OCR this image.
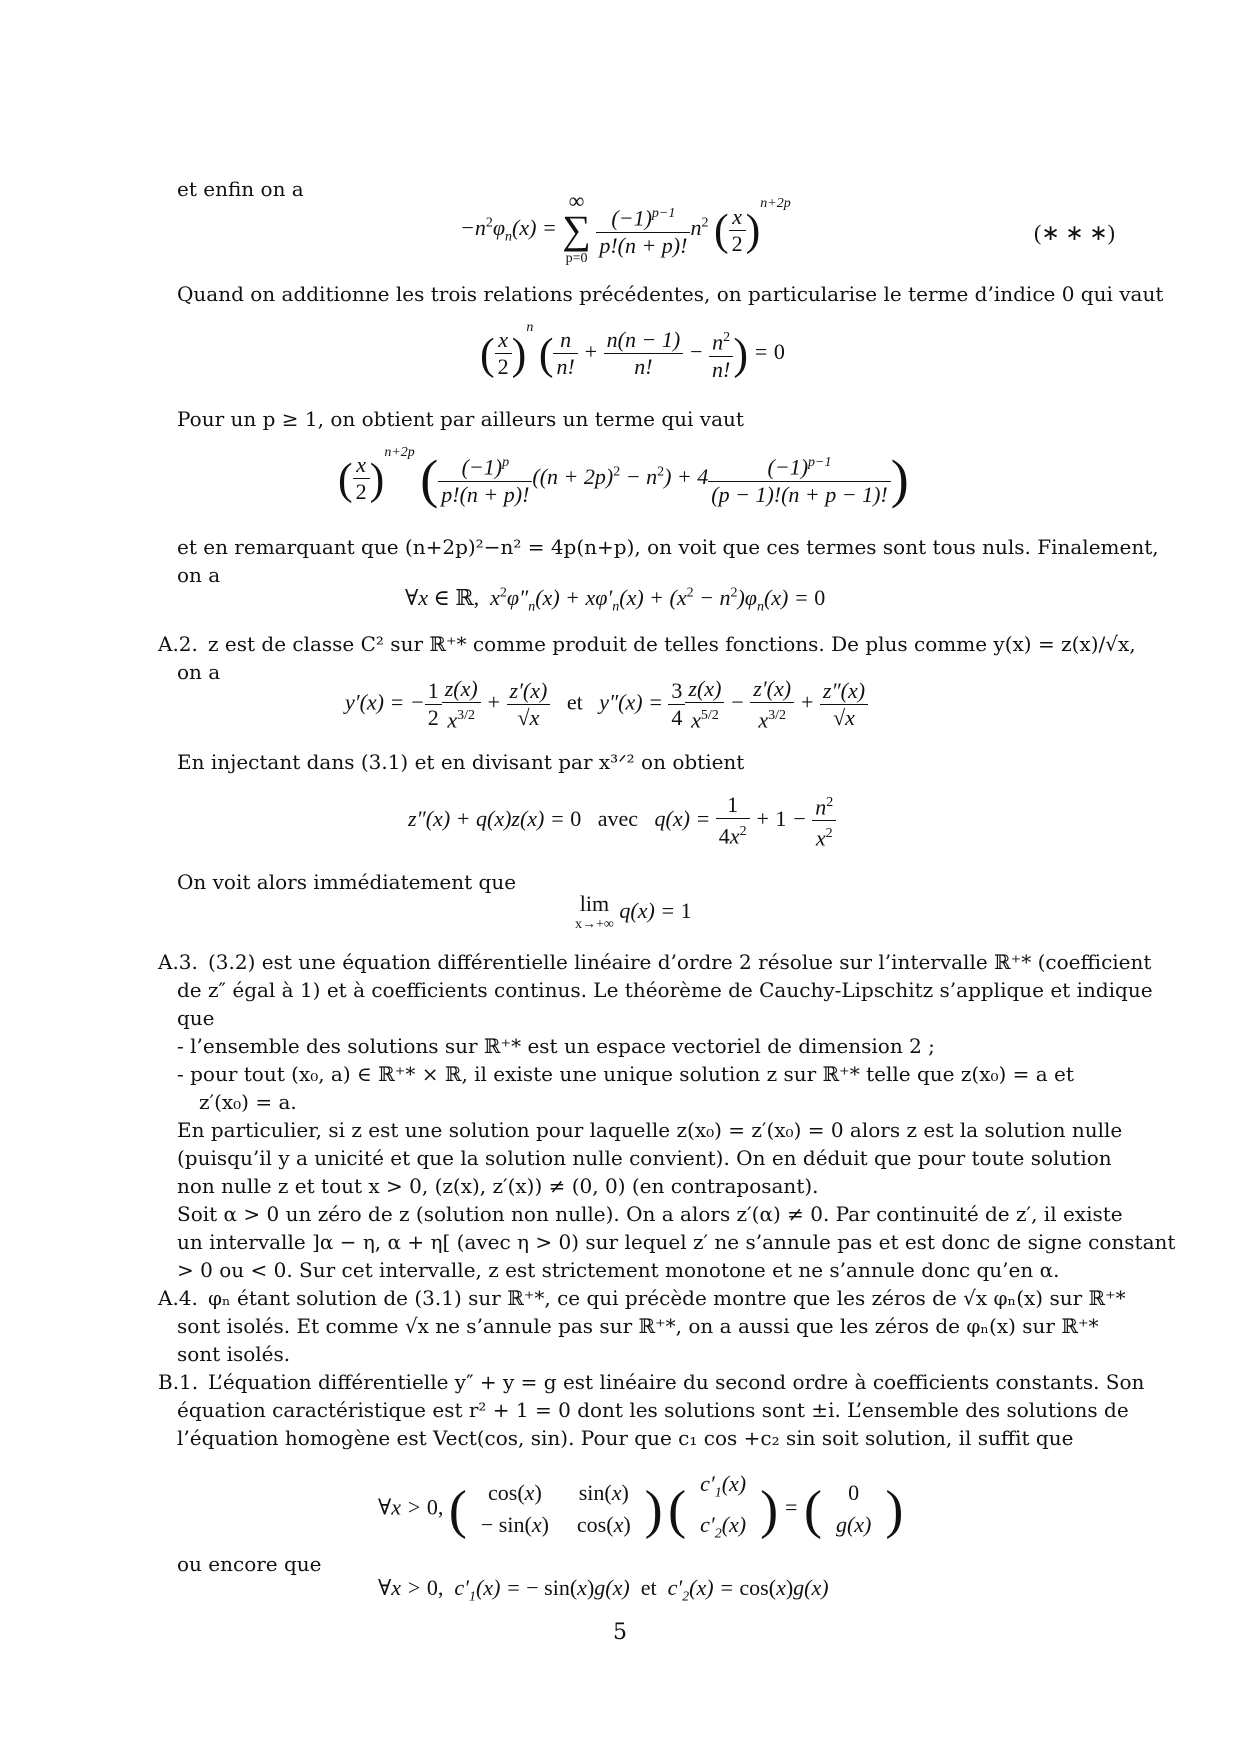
et enfin on a
$-n^2\varphi_n(x)$ =
∞
∑
p=0
$\frac{(-1)^{p-1}}{p!(n + p)!} n^2$ ( $\frac{x}{2} )^{n+2p}$
(∗ ∗ ∗)
Quand on additionne les trois relations précédentes, on particularise le terme d’indice 0 qui vaut
( $\frac{x}{2} )^n$ ( $\frac{n}{n!} + \frac{n(n - 1)}{n!} - \frac{n^2}{n!}$ ) = 0
Pour un p ≥ 1, on obtient par ailleurs un terme qui vaut
( $\frac{x}{2} )^{n+2p}$ ( $\frac{(-1)^p}{p!(n + p)!} ((n + 2p)^2 - n^2) + 4 \frac{(-1)^{p-1}}{(p - 1)!(n + p - 1)!}$ )
et en remarquant que (n+2p)²−n² = 4p(n+p), on voit que ces termes sont tous nuls. Finalement,
on a
∀x ∈ ℝ,  $x^2\varphi''_n(x) + x\varphi'_n(x) + (x^2 - n^2)\varphi_n(x) = 0$
A.2. z est de classe C² sur ℝ⁺* comme produit de telles fonctions. De plus comme y(x) = z(x)/√x,
on a
y′(x) = − $\frac{1}{2} \frac{z(x)}{x^{3/2}} + \frac{z'(x)}{√x}$ et   $y''(x) = \frac{3}{4} \frac{z(x)}{x^{5/2}} - \frac{z'(x)}{x^{3/2}} + \frac{z''(x)}{√x}$
En injectant dans (3.1) et en divisant par x³ᐟ² on obtient
z″(x) + q(x)z(x) = 0 avec   $q(x) = \frac{1}{4x^2} + 1 - \frac{n^2}{x^2}$
On voit alors immédiatement que
lim
x→+∞
q(x) = 1
A.3. (3.2) est une équation différentielle linéaire d’ordre 2 résolue sur l’intervalle ℝ⁺* (coefficient
de z″ égal à 1) et à coefficients continus. Le théorème de Cauchy-Lipschitz s’applique et indique
que
- l’ensemble des solutions sur ℝ⁺* est un espace vectoriel de dimension 2 ;
- pour tout (x₀, a) ∈ ℝ⁺* × ℝ, il existe une unique solution z sur ℝ⁺* telle que z(x₀) = a et
z′(x₀) = a.
En particulier, si z est une solution pour laquelle z(x₀) = z′(x₀) = 0 alors z est la solution nulle
(puisqu’il y a unicité et que la solution nulle convient). On en déduit que pour toute solution
non nulle z et tout x > 0, (z(x), z′(x)) ≠ (0, 0) (en contraposant).
Soit α > 0 un zéro de z (solution non nulle). On a alors z′(α) ≠ 0. Par continuité de z′, il existe
un intervalle ]α − η, α + η[ (avec η > 0) sur lequel z′ ne s’annule pas et est donc de signe constant
> 0 ou < 0. Sur cet intervalle, z est strictement monotone et ne s’annule donc qu’en α.
A.4. φₙ étant solution de (3.1) sur ℝ⁺*, ce qui précède montre que les zéros de √x φₙ(x) sur ℝ⁺*
sont isolés. Et comme √x ne s’annule pas sur ℝ⁺*, on a aussi que les zéros de φₙ(x) sur ℝ⁺*
sont isolés.
B.1. L’équation différentielle y″ + y = g est linéaire du second ordre à coefficients constants. Son
équation caractéristique est r² + 1 = 0 dont les solutions sont ±i. L’ensemble des solutions de
l’équation homogène est Vect(cos, sin). Pour que c₁ cos +c₂ sin soit solution, il suffit que
∀x > 0, ( cos(x)	sin(x)
− sin(x)	cos(x) ) ( $c'_1(x)$
$c'_2(x)$ ) = ( 0
g(x) )
ou encore que
∀x > 0,  $c'_1(x)$ = − sin(x)g(x)  et  $c'_2(x) = \cos(x)g(x)$
5
